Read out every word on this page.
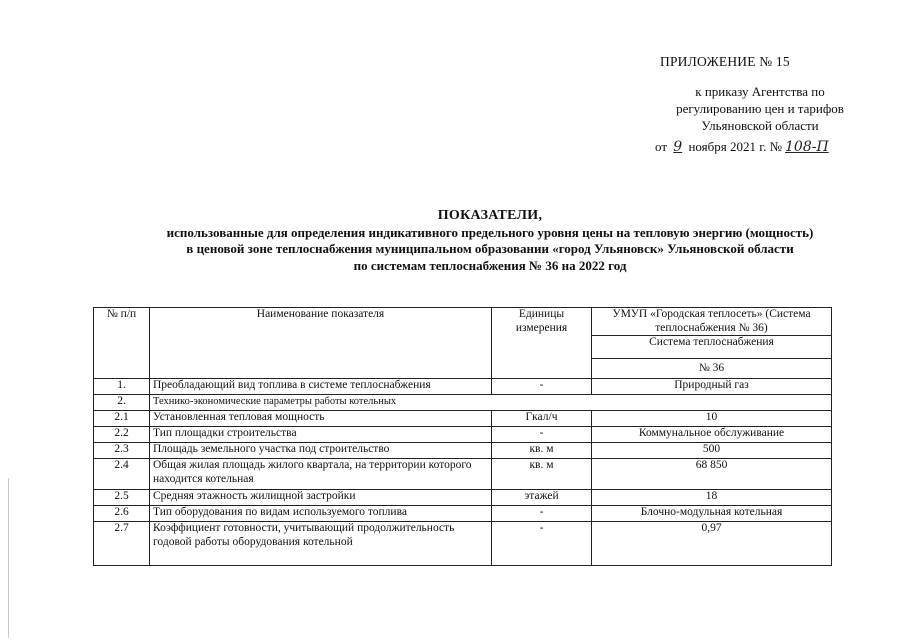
ПРИЛОЖЕНИЕ № 15
к приказу Агентства по
регулированию цен и тарифов
Ульяновской области
от 9 ноября 2021 г. № 108-П
ПОКАЗАТЕЛИ,
использованные для определения индикативного предельного уровня цены на тепловую энергию (мощность)
в ценовой зоне теплоснабжения муниципальном образовании «город Ульяновск» Ульяновской области
по системам теплоснабжения № 36 на 2022 год
№ п/п	Наименование показателя	Единицы измерения	УМУП «Городская теплосеть» (Система теплоснабжения № 36)
			Система теплоснабжения
			№ 36
1.	Преобладающий вид топлива в системе теплоснабжения	-	Природный газ
2.	Технико-экономические параметры работы котельных		
2.1	Установленная тепловая мощность	Гкал/ч	10
2.2	Тип площадки строительства	-	Коммунальное обслуживание
2.3	Площадь земельного участка под строительство	кв. м	500
2.4	Общая жилая площадь жилого квартала, на территории которого находится котельная	кв. м	68 850
2.5	Средняя этажность жилищной застройки	этажей	18
2.6	Тип оборудования по видам используемого топлива	-	Блочно-модульная котельная
2.7	Коэффициент готовности, учитывающий продолжительность годовой работы оборудования котельной	-	0,97
